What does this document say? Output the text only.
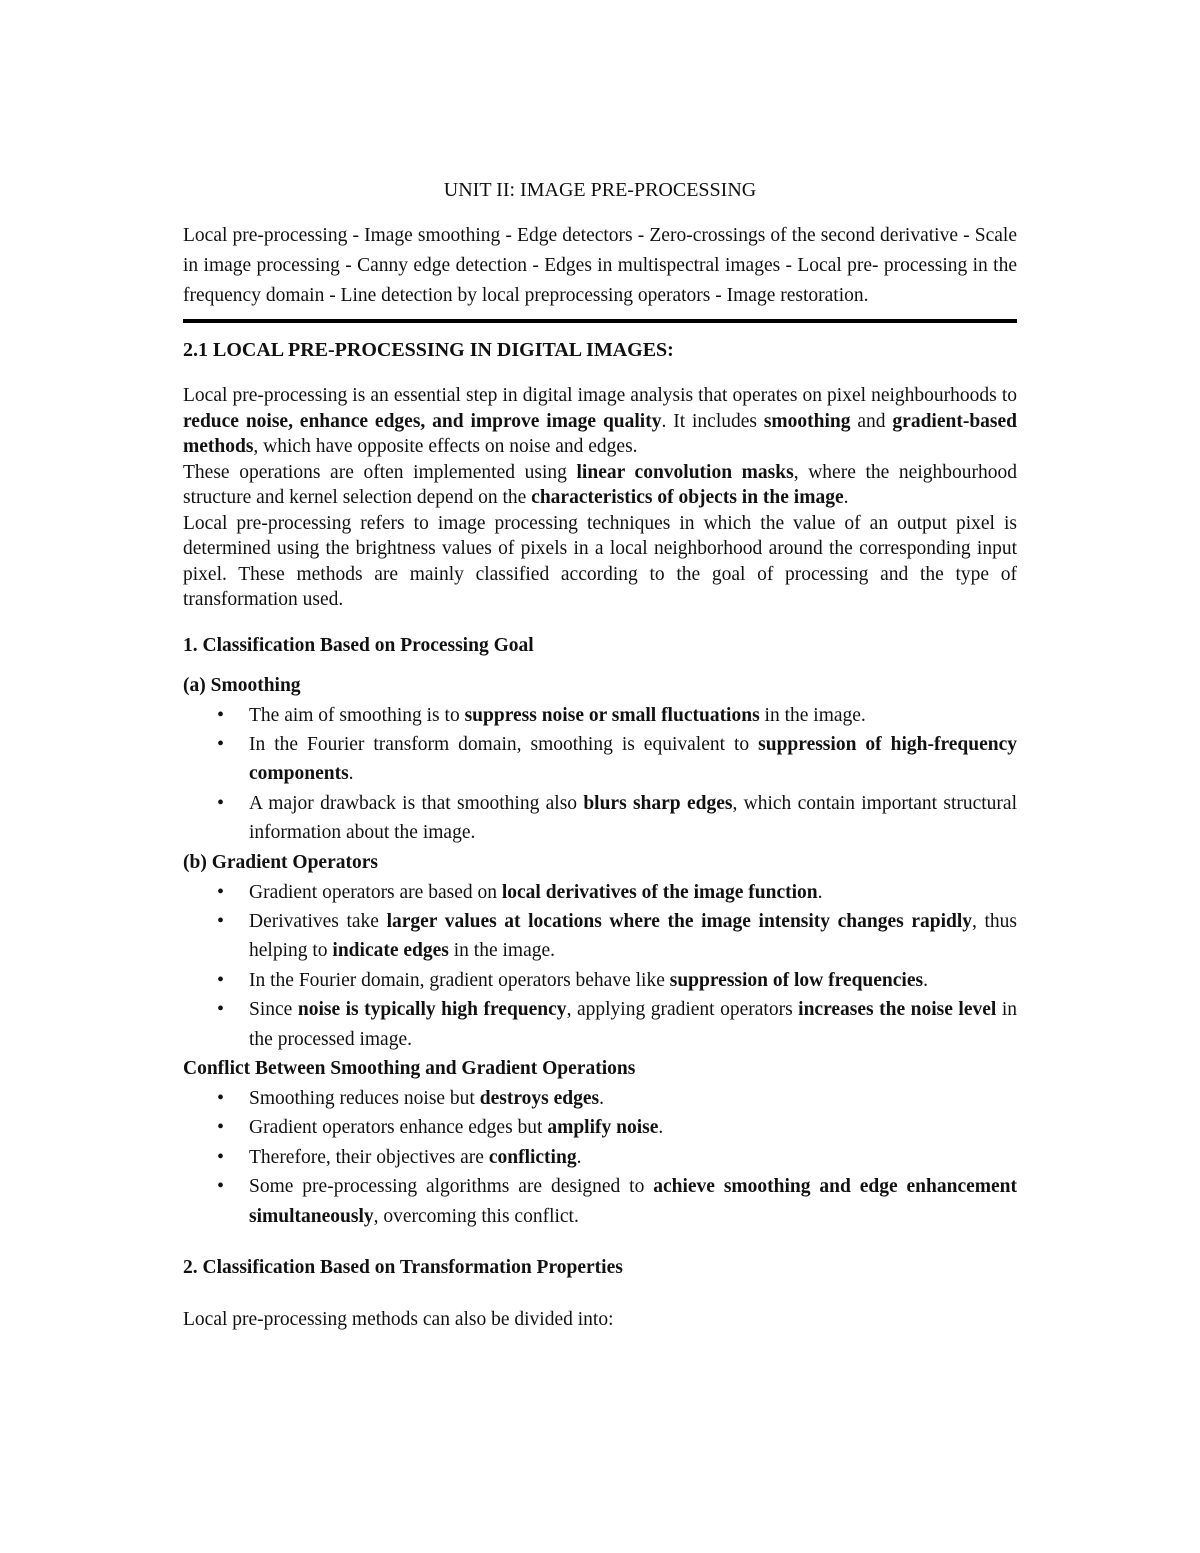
UNIT II: IMAGE PRE-PROCESSING

Local pre-processing - Image smoothing - Edge detectors - Zero-crossings of the second derivative - Scale in image processing - Canny edge detection - Edges in multispectral images - Local pre- processing in the frequency domain - Line detection by local preprocessing operators - Image restoration.

2.1 LOCAL PRE-PROCESSING IN DIGITAL IMAGES:

Local pre-processing is an essential step in digital image analysis that operates on pixel neighbourhoods to reduce noise, enhance edges, and improve image quality. It includes smoothing and gradient-based methods, which have opposite effects on noise and edges.

These operations are often implemented using linear convolution masks, where the neighbourhood structure and kernel selection depend on the characteristics of objects in the image.

Local pre-processing refers to image processing techniques in which the value of an output pixel is determined using the brightness values of pixels in a local neighborhood around the corresponding input pixel. These methods are mainly classified according to the goal of processing and the type of transformation used.

1. Classification Based on Processing Goal

(a) Smoothing

• The aim of smoothing is to suppress noise or small fluctuations in the image.
• In the Fourier transform domain, smoothing is equivalent to suppression of high-frequency components.
• A major drawback is that smoothing also blurs sharp edges, which contain important structural information about the image.

(b) Gradient Operators

• Gradient operators are based on local derivatives of the image function.
• Derivatives take larger values at locations where the image intensity changes rapidly, thus helping to indicate edges in the image.
• In the Fourier domain, gradient operators behave like suppression of low frequencies.
• Since noise is typically high frequency, applying gradient operators increases the noise level in the processed image.

Conflict Between Smoothing and Gradient Operations

• Smoothing reduces noise but destroys edges.
• Gradient operators enhance edges but amplify noise.
• Therefore, their objectives are conflicting.
• Some pre-processing algorithms are designed to achieve smoothing and edge enhancement simultaneously, overcoming this conflict.

2. Classification Based on Transformation Properties

Local pre-processing methods can also be divided into:
